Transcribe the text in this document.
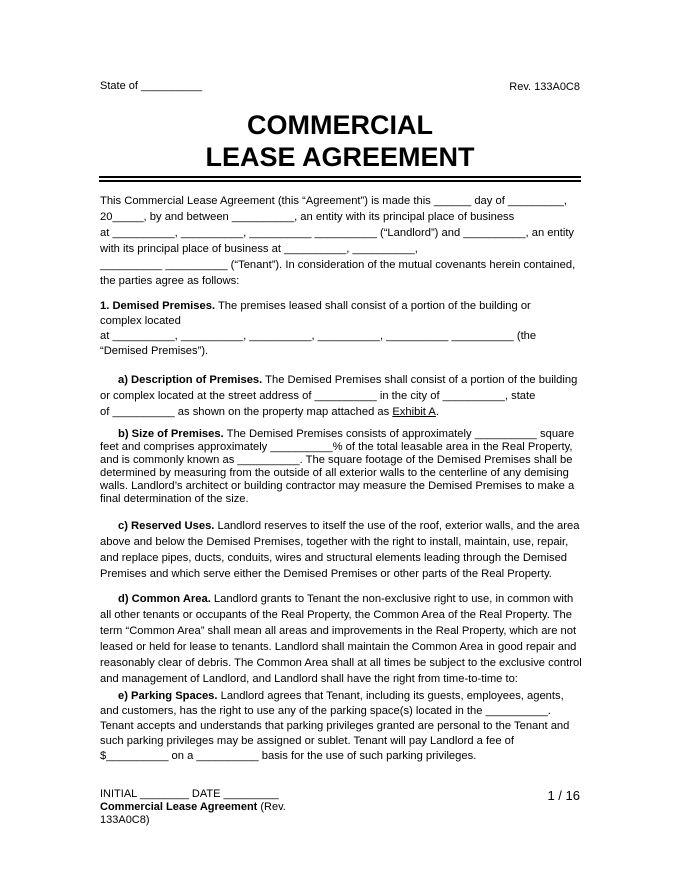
State of __________	Rev. 133A0C8
COMMERCIAL
LEASE AGREEMENT

This Commercial Lease Agreement (this “Agreement”) is made this ______ day of _________,

20_____, by and between __________, an entity with its principal place of business

at __________, __________, __________ __________ (“Landlord”) and __________, an entity

with its principal place of business at __________, __________,

__________ __________ (“Tenant”). In consideration of the mutual covenants herein contained,

the parties agree as follows:

1. Demised Premises. The premises leased shall consist of a portion of the building or

complex located

at __________, __________, __________, __________, __________ __________ (the

“Demised Premises”).

a) Description of Premises. The Demised Premises shall consist of a portion of the building

or complex located at the street address of __________ in the city of __________, state

of __________ as shown on the property map attached as Exhibit A.

b) Size of Premises. The Demised Premises consists of approximately __________ square

feet and comprises approximately __________% of the total leasable area in the Real Property,

and is commonly known as __________. The square footage of the Demised Premises shall be

determined by measuring from the outside of all exterior walls to the centerline of any demising

walls. Landlord’s architect or building contractor may measure the Demised Premises to make a

final determination of the size.

c) Reserved Uses. Landlord reserves to itself the use of the roof, exterior walls, and the area

above and below the Demised Premises, together with the right to install, maintain, use, repair,

and replace pipes, ducts, conduits, wires and structural elements leading through the Demised

Premises and which serve either the Demised Premises or other parts of the Real Property.

d) Common Area. Landlord grants to Tenant the non-exclusive right to use, in common with

all other tenants or occupants of the Real Property, the Common Area of the Real Property. The

term “Common Area” shall mean all areas and improvements in the Real Property, which are not

leased or held for lease to tenants. Landlord shall maintain the Common Area in good repair and

reasonably clear of debris. The Common Area shall at all times be subject to the exclusive control

and management of Landlord, and Landlord shall have the right from time-to-time to:

e) Parking Spaces. Landlord agrees that Tenant, including its guests, employees, agents,

and customers, has the right to use any of the parking space(s) located in the __________.

Tenant accepts and understands that parking privileges granted are personal to the Tenant and

such parking privileges may be assigned or sublet. Tenant will pay Landlord a fee of

$__________ on a __________ basis for the use of such parking privileges.

INITIAL ________ DATE _________

Commercial Lease Agreement (Rev.

133A0C8)

1 / 16
